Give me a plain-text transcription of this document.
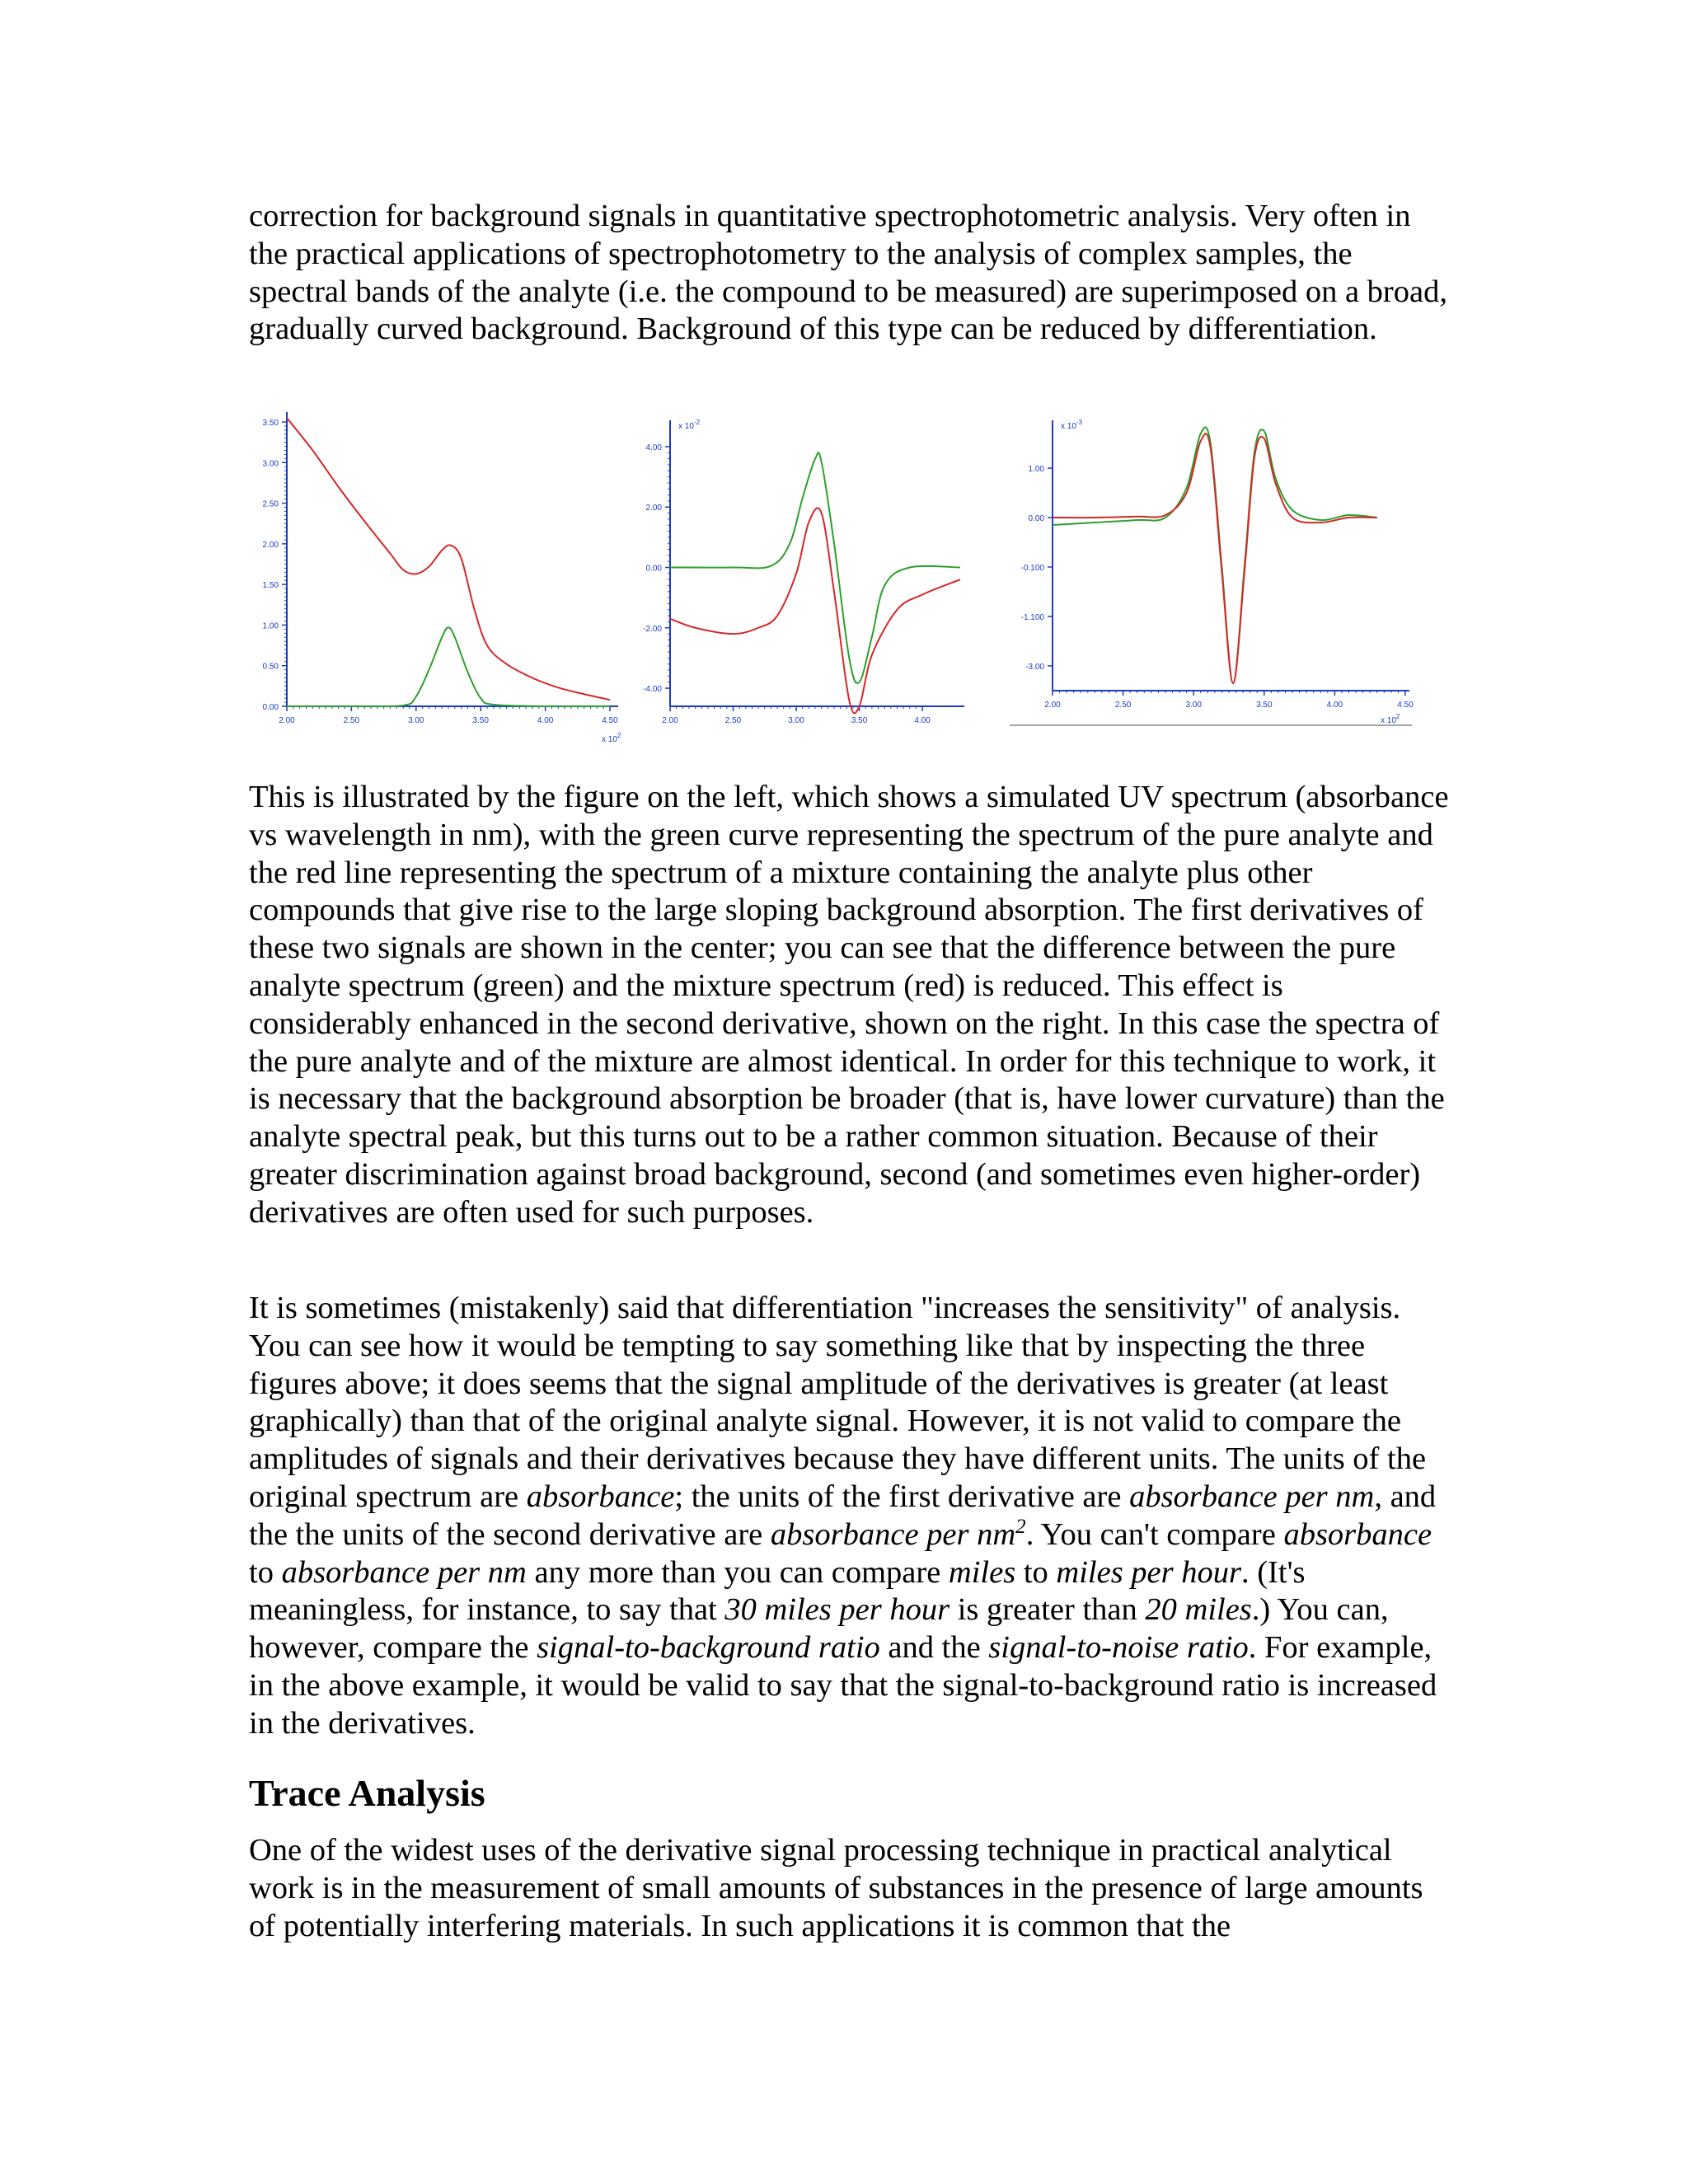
correction for background signals in quantitative spectrophotometric analysis. Very often in the practical applications of spectrophotometry to the analysis of complex samples, the spectral bands of the analyte (i.e. the compound to be measured) are superimposed on a broad, gradually curved background. Background of this type can be reduced by differentiation.

0.00
0.50
1.00
1.50
2.00
2.50
3.00
3.50
2.00	2.50	3.00	3.50	4.00	4.50
x $10^2$
-4.00
-2.00
0.00
2.00
4.00
x $10^{-2}$
2.00	2.50	3.00	3.50	4.00
-3.00
-1.100
-0.100
0.00
1.00
x $10^{-3}$
2.00	2.50	3.00	3.50	4.00	4.50
x $10^2$

This is illustrated by the figure on the left, which shows a simulated UV spectrum (absorbance vs wavelength in nm), with the green curve representing the spectrum of the pure analyte and the red line representing the spectrum of a mixture containing the analyte plus other compounds that give rise to the large sloping background absorption. The first derivatives of these two signals are shown in the center; you can see that the difference between the pure analyte spectrum (green) and the mixture spectrum (red) is reduced. This effect is considerably enhanced in the second derivative, shown on the right. In this case the spectra of the pure analyte and of the mixture are almost identical. In order for this technique to work, it is necessary that the background absorption be broader (that is, have lower curvature) than the analyte spectral peak, but this turns out to be a rather common situation. Because of their greater discrimination against broad background, second (and sometimes even higher-order) derivatives are often used for such purposes.

It is sometimes (mistakenly) said that differentiation "increases the sensitivity" of analysis. You can see how it would be tempting to say something like that by inspecting the three figures above; it does seems that the signal amplitude of the derivatives is greater (at least graphically) than that of the original analyte signal. However, it is not valid to compare the amplitudes of signals and their derivatives because they have different units. The units of the original spectrum are absorbance; the units of the first derivative are absorbance per nm, and the the units of the second derivative are absorbance per $nm^2$. You can't compare absorbance to absorbance per nm any more than you can compare miles to miles per hour. (It's meaningless, for instance, to say that 30 miles per hour is greater than 20 miles.) You can, however, compare the signal-to-background ratio and the signal-to-noise ratio. For example, in the above example, it would be valid to say that the signal-to-background ratio is increased in the derivatives.

Trace Analysis

One of the widest uses of the derivative signal processing technique in practical analytical work is in the measurement of small amounts of substances in the presence of large amounts of potentially interfering materials. In such applications it is common that the
